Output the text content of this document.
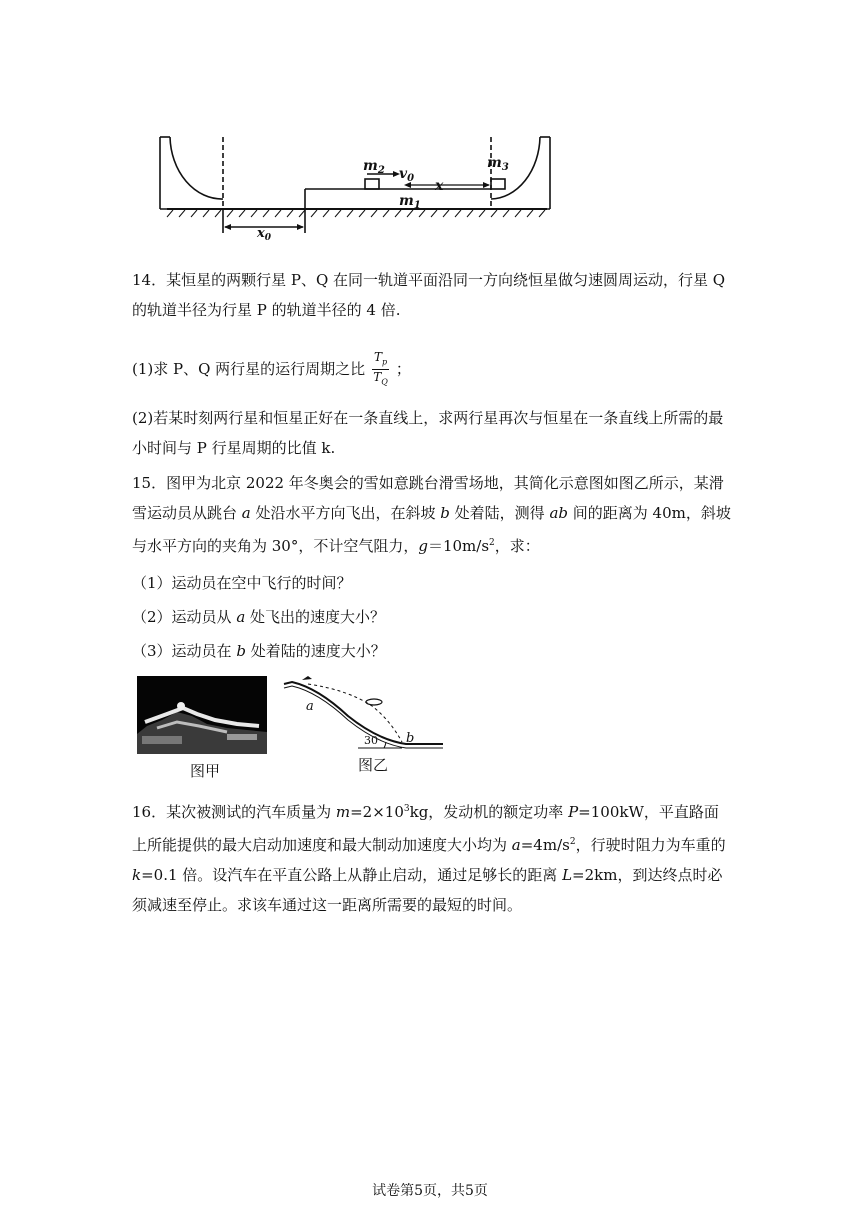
$m_2$ $v_0$ x
$m_3$
$m_1$
$x_0$
14．某恒星的两颗行星 P、Q 在同一轨道平面沿同一方向绕恒星做匀速圆周运动，行星 Q 的轨道半径为行星 P 的轨道半径的 4 倍.
(1)求 P、Q 两行星的运行周期之比 $\frac{T_p}{T_Q}$ ；
(2)若某时刻两行星和恒星正好在一条直线上，求两行星再次与恒星在一条直线上所需的最小时间与 P 行星周期的比值 k.
15．图甲为北京 2022 年冬奥会的雪如意跳台滑雪场地，其简化示意图如图乙所示，某滑雪运动员从跳台 a 处沿水平方向飞出，在斜坡 b 处着陆，测得 ab 间的距离为 40m，斜坡与水平方向的夹角为 30°，不计空气阻力，$g=10m/s^2$，求：
（1）运动员在空中飞行的时间？
（2）运动员从 a 处飞出的速度大小？
（3）运动员在 b 处着陆的速度大小？
图甲
a
b
30
图乙
16．某次被测试的汽车质量为 $m=2\times 10^3kg$，发动机的额定功率 P=100kW，平直路面上所能提供的最大启动加速度和最大制动加速度大小均为 $a=4m/s^2$，行驶时阻力为车重的 k=0.1 倍。设汽车在平直公路上从静止启动，通过足够长的距离 L=2km，到达终点时必须减速至停止。求该车通过这一距离所需要的最短的时间。
试卷第5页，共5页
